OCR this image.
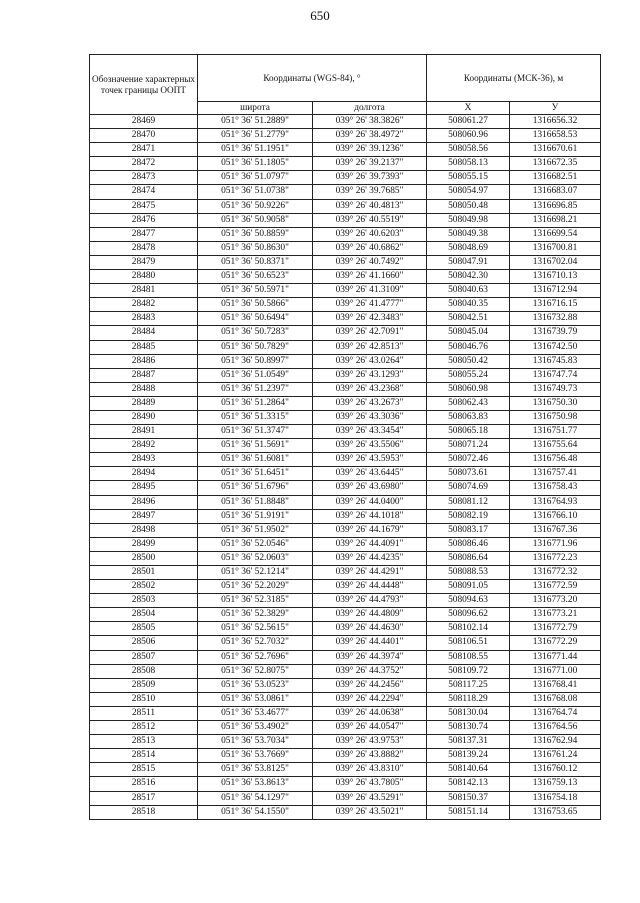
650
Обозначение характерных точек границы ООПТ	Координаты (WGS-84), °		Координаты (МСК-36), м	
	широта	долгота	X	У
28469	051° 36' 51.2889"	039° 26' 38.3826"	508061.27	1316656.32
28470	051° 36' 51.2779"	039° 26' 38.4972"	508060.96	1316658.53
28471	051° 36' 51.1951"	039° 26' 39.1236"	508058.56	1316670.61
28472	051° 36' 51.1805"	039° 26' 39.2137"	508058.13	1316672.35
28473	051° 36' 51.0797"	039° 26' 39.7393"	508055.15	1316682.51
28474	051° 36' 51.0738"	039° 26' 39.7685"	508054.97	1316683.07
28475	051° 36' 50.9226"	039° 26' 40.4813"	508050.48	1316696.85
28476	051° 36' 50.9058"	039° 26' 40.5519"	508049.98	1316698.21
28477	051° 36' 50.8859"	039° 26' 40.6203"	508049.38	1316699.54
28478	051° 36' 50.8630"	039° 26' 40.6862"	508048.69	1316700.81
28479	051° 36' 50.8371"	039° 26' 40.7492"	508047.91	1316702.04
28480	051° 36' 50.6523"	039° 26' 41.1660"	508042.30	1316710.13
28481	051° 36' 50.5971"	039° 26' 41.3109"	508040.63	1316712.94
28482	051° 36' 50.5866"	039° 26' 41.4777"	508040.35	1316716.15
28483	051° 36' 50.6494"	039° 26' 42.3483"	508042.51	1316732.88
28484	051° 36' 50.7283"	039° 26' 42.7091"	508045.04	1316739.79
28485	051° 36' 50.7829"	039° 26' 42.8513"	508046.76	1316742.50
28486	051° 36' 50.8997"	039° 26' 43.0264"	508050.42	1316745.83
28487	051° 36' 51.0549"	039° 26' 43.1293"	508055.24	1316747.74
28488	051° 36' 51.2397"	039° 26' 43.2368"	508060.98	1316749.73
28489	051° 36' 51.2864"	039° 26' 43.2673"	508062.43	1316750.30
28490	051° 36' 51.3315"	039° 26' 43.3036"	508063.83	1316750.98
28491	051° 36' 51.3747"	039° 26' 43.3454"	508065.18	1316751.77
28492	051° 36' 51.5691"	039° 26' 43.5506"	508071.24	1316755.64
28493	051° 36' 51.6081"	039° 26' 43.5953"	508072.46	1316756.48
28494	051° 36' 51.6451"	039° 26' 43.6445"	508073.61	1316757.41
28495	051° 36' 51.6796"	039° 26' 43.6980"	508074.69	1316758.43
28496	051° 36' 51.8848"	039° 26' 44.0400"	508081.12	1316764.93
28497	051° 36' 51.9191"	039° 26' 44.1018"	508082.19	1316766.10
28498	051° 36' 51.9502"	039° 26' 44.1679"	508083.17	1316767.36
28499	051° 36' 52.0546"	039° 26' 44.4091"	508086.46	1316771.96
28500	051° 36' 52.0603"	039° 26' 44.4235"	508086.64	1316772.23
28501	051° 36' 52.1214"	039° 26' 44.4291"	508088.53	1316772.32
28502	051° 36' 52.2029"	039° 26' 44.4448"	508091.05	1316772.59
28503	051° 36' 52.3185"	039° 26' 44.4793"	508094.63	1316773.20
28504	051° 36' 52.3829"	039° 26' 44.4809"	508096.62	1316773.21
28505	051° 36' 52.5615"	039° 26' 44.4630"	508102.14	1316772.79
28506	051° 36' 52.7032"	039° 26' 44.4401"	508106.51	1316772.29
28507	051° 36' 52.7696"	039° 26' 44.3974"	508108.55	1316771.44
28508	051° 36' 52.8075"	039° 26' 44.3752"	508109.72	1316771.00
28509	051° 36' 53.0523"	039° 26' 44.2456"	508117.25	1316768.41
28510	051° 36' 53.0861"	039° 26' 44.2294"	508118.29	1316768.08
28511	051° 36' 53.4677"	039° 26' 44.0638"	508130.04	1316764.74
28512	051° 36' 53.4902"	039° 26' 44.0547"	508130.74	1316764.56
28513	051° 36' 53.7034"	039° 26' 43.9753"	508137.31	1316762.94
28514	051° 36' 53.7669"	039° 26' 43.8882"	508139.24	1316761.24
28515	051° 36' 53.8125"	039° 26' 43.8310"	508140.64	1316760.12
28516	051° 36' 53.8613"	039° 26' 43.7805"	508142.13	1316759.13
28517	051° 36' 54.1297"	039° 26' 43.5291"	508150.37	1316754.18
28518	051° 36' 54.1550"	039° 26' 43.5021"	508151.14	1316753.65
